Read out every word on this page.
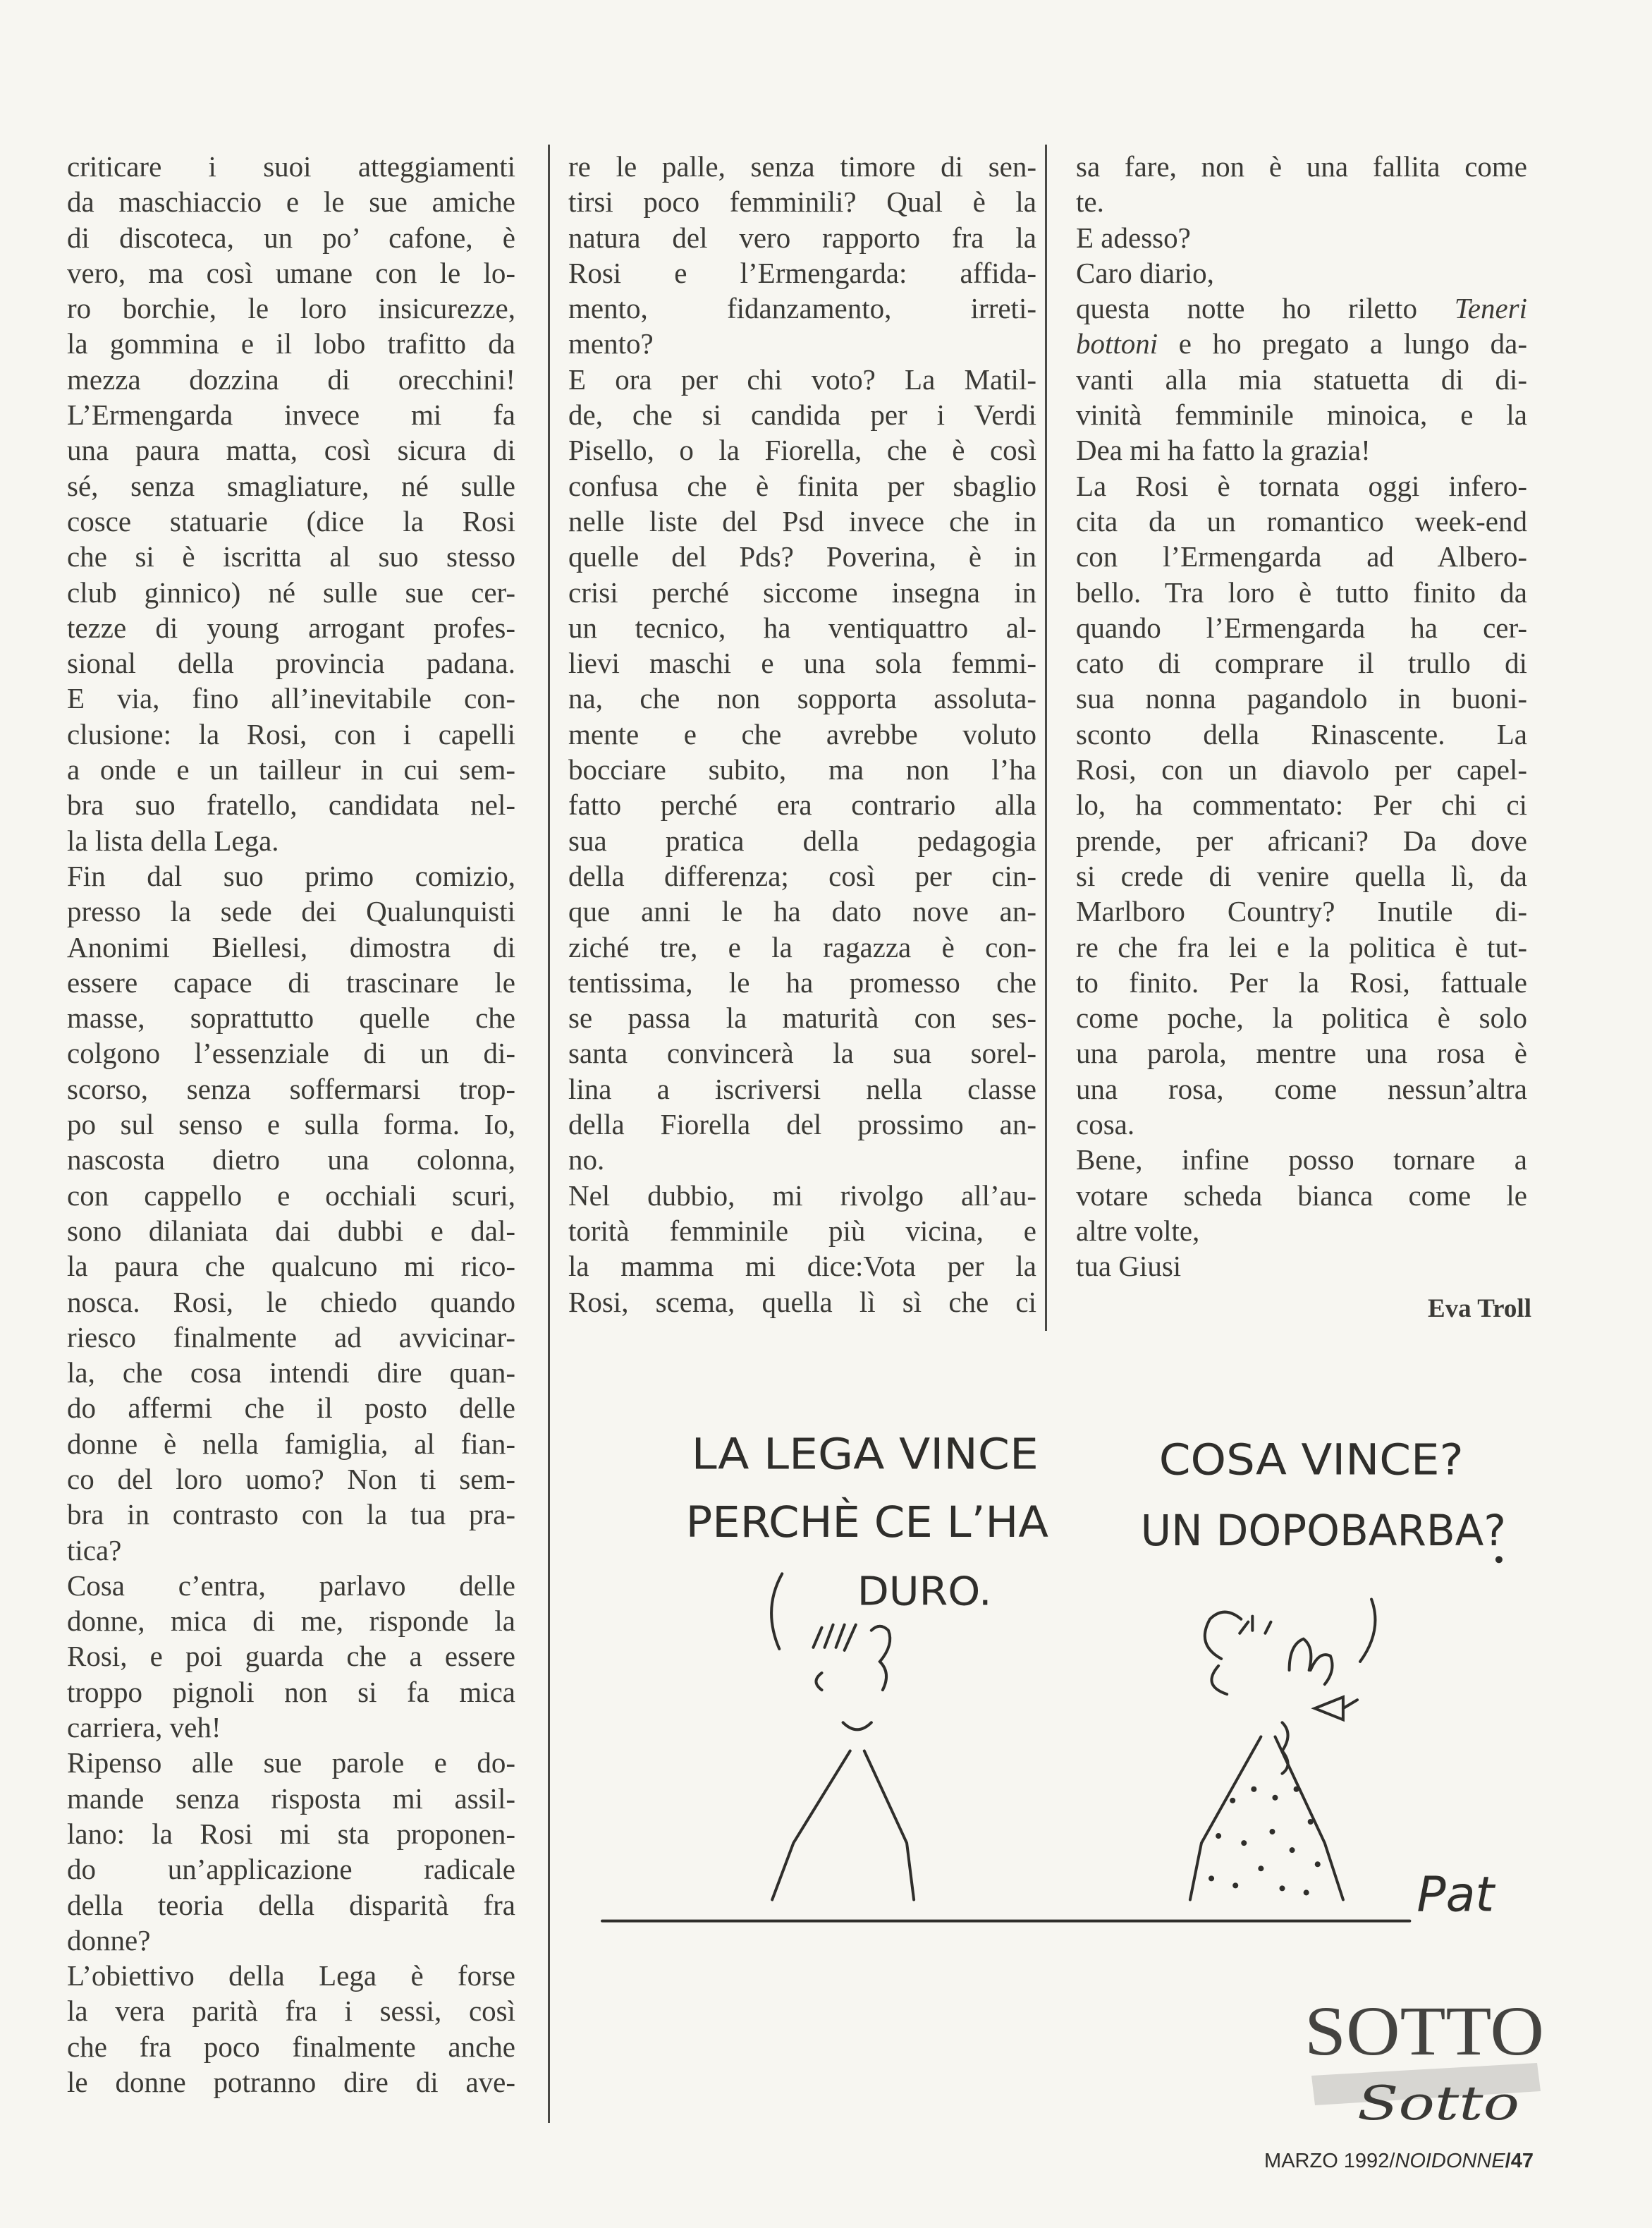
criticare i suoi atteggiamenti
da maschiaccio e le sue amiche
di discoteca, un po’ cafone, è
vero, ma così umane con le lo-
ro borchie, le loro insicurezze,
la gommina e il lobo trafitto da
mezza dozzina di orecchini!
L’Ermengarda invece mi fa
una paura matta, così sicura di
sé, senza smagliature, né sulle
cosce statuarie (dice la Rosi
che si è iscritta al suo stesso
club ginnico) né sulle sue cer-
tezze di young arrogant profes-
sional della provincia padana.
E via, fino all’inevitabile con-
clusione: la Rosi, con i capelli
a onde e un tailleur in cui sem-
bra suo fratello, candidata nel-
la lista della Lega.
Fin dal suo primo comizio,
presso la sede dei Qualunquisti
Anonimi Biellesi, dimostra di
essere capace di trascinare le
masse, soprattutto quelle che
colgono l’essenziale di un di-
scorso, senza soffermarsi trop-
po sul senso e sulla forma. Io,
nascosta dietro una colonna,
con cappello e occhiali scuri,
sono dilaniata dai dubbi e dal-
la paura che qualcuno mi rico-
nosca. Rosi, le chiedo quando
riesco finalmente ad avvicinar-
la, che cosa intendi dire quan-
do affermi che il posto delle
donne è nella famiglia, al fian-
co del loro uomo? Non ti sem-
bra in contrasto con la tua pra-
tica?
Cosa c’entra, parlavo delle
donne, mica di me, risponde la
Rosi, e poi guarda che a essere
troppo pignoli non si fa mica
carriera, veh!
Ripenso alle sue parole e do-
mande senza risposta mi assil-
lano: la Rosi mi sta proponen-
do un’applicazione radicale
della teoria della disparità fra
donne?
L’obiettivo della Lega è forse
la vera parità fra i sessi, così
che fra poco finalmente anche
le donne potranno dire di ave-
re le palle, senza timore di sen-
tirsi poco femminili? Qual è la
natura del vero rapporto fra la
Rosi e l’Ermengarda: affida-
mento, fidanzamento, irreti-
mento?
E ora per chi voto? La Matil-
de, che si candida per i Verdi
Pisello, o la Fiorella, che è così
confusa che è finita per sbaglio
nelle liste del Psd invece che in
quelle del Pds? Poverina, è in
crisi perché siccome insegna in
un tecnico, ha ventiquattro al-
lievi maschi e una sola femmi-
na, che non sopporta assoluta-
mente e che avrebbe voluto
bocciare subito, ma non l’ha
fatto perché era contrario alla
sua pratica della pedagogia
della differenza; così per cin-
que anni le ha dato nove an-
ziché tre, e la ragazza è con-
tentissima, le ha promesso che
se passa la maturità con ses-
santa convincerà la sua sorel-
lina a iscriversi nella classe
della Fiorella del prossimo an-
no.
Nel dubbio, mi rivolgo all’au-
torità femminile più vicina, e
la mamma mi dice:Vota per la
Rosi, scema, quella lì sì che ci
sa fare, non è una fallita come
te.
E adesso?
Caro diario,
questa notte ho riletto Teneri
bottoni e ho pregato a lungo da-
vanti alla mia statuetta di di-
vinità femminile minoica, e la
Dea mi ha fatto la grazia!
La Rosi è tornata oggi infero-
cita da un romantico week-end
con l’Ermengarda ad Albero-
bello. Tra loro è tutto finito da
quando l’Ermengarda ha cer-
cato di comprare il trullo di
sua nonna pagandolo in buoni-
sconto della Rinascente. La
Rosi, con un diavolo per capel-
lo, ha commentato: Per chi ci
prende, per africani? Da dove
si crede di venire quella lì, da
Marlboro Country? Inutile di-
re che fra lei e la politica è tut-
to finito. Per la Rosi, fattuale
come poche, la politica è solo
una parola, mentre una rosa è
una rosa, come nessun’altra
cosa.
Bene, infine posso tornare a
votare scheda bianca come le
altre volte,
tua Giusi
Eva Troll
LA LEGA VINCE
PERCHÈ CE L’HA
DURO.
COSA VINCE?
UN DOPOBARBA?
Pat
SOTTO
Sotto
MARZO 1992/NOIDONNE/47
